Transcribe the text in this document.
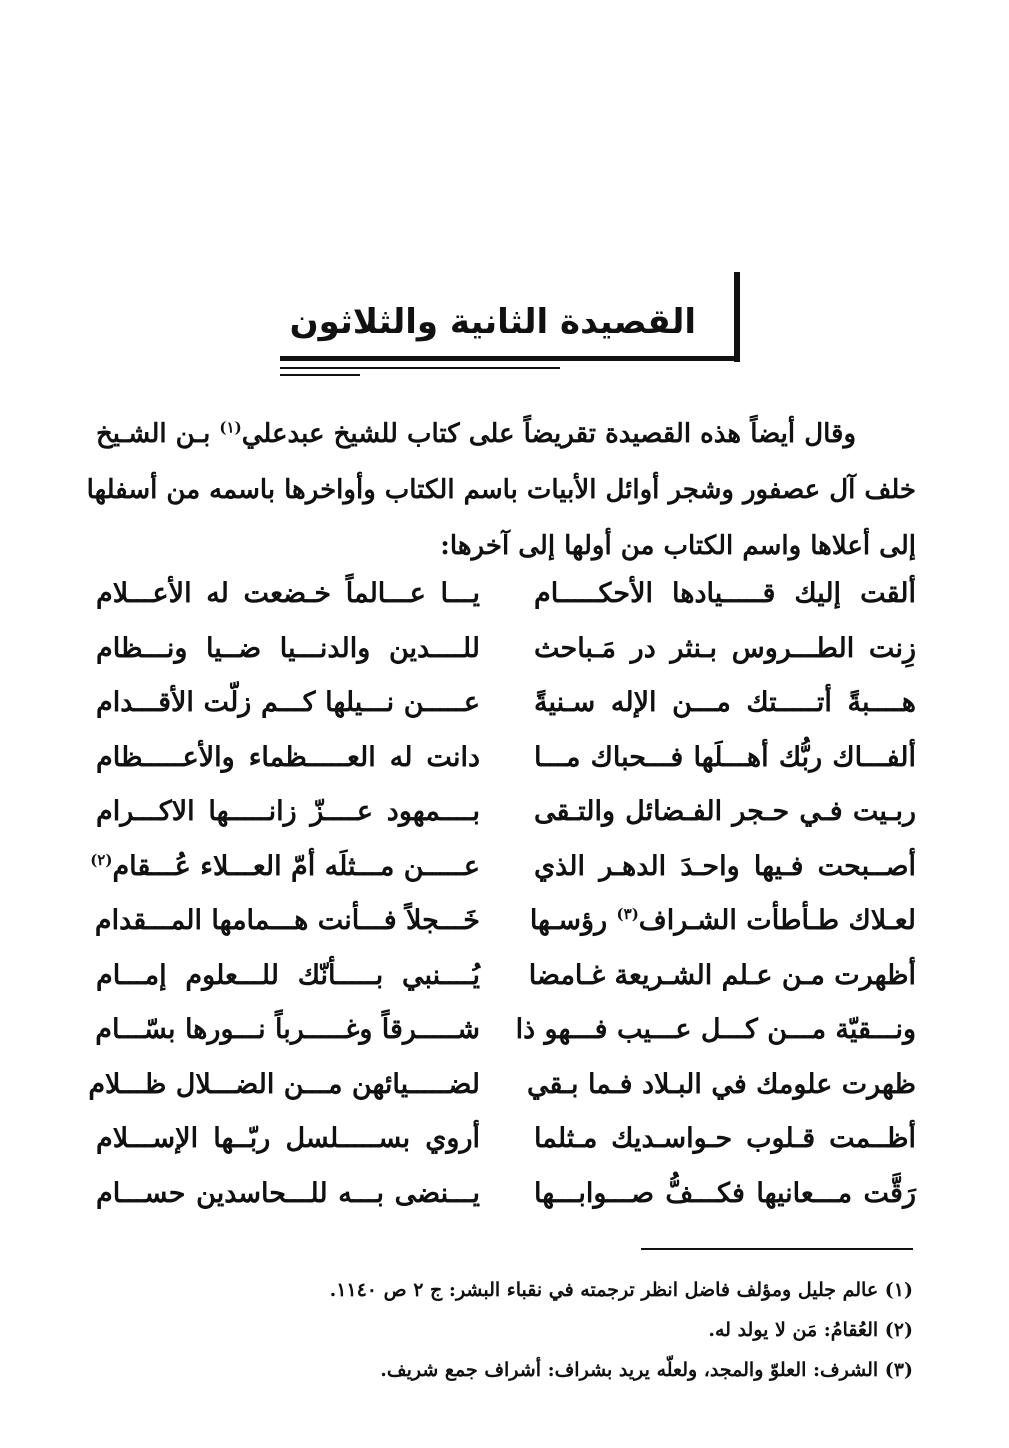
القصيدة الثانية والثلاثون
وقال أيضاً هذه القصيدة تقريضاً على كتاب للشيخ عبدعلي$^{(١)}$ بـن الشـيخ
خلف آل عصفور وشجر أوائل الأبيات باسم الكتاب وأواخرها باسمه من أسفلها
إلى أعلاها واسم الكتاب من أولها إلى آخرها:
ألقت إليك قـــــيادها الأحكـــــام
يـــا عـــالماً خـضعت له الأعـــلام
زِنت الطـــروس بـنثر در مَـباحث
للــــدين والدنـــيا ضــيا ونـــظام
هــــبةً أتـــــتك مـــن الإله سـنيةً
عـــــن نـــيلها كـــم زلّت الأقـــدام
ألفـــاك ربُّك أهـــلَها فـــحباك مـــا
دانت له العـــــظماء والأعـــــظام
ربـيت فـي حـجر الفـضائل والتـقى
بــــمهود عــــزّ زانـــــها الاكـــرام
أصــبحت فـيها واحـدَ الدهـر الذي
عـــــن مـــثلَه أمّ العـــلاء عُـــقام$^{(٢)}$
لعـلاك طـأطأت الشـراف$^{(٣)}$ رؤسـها
خَـــجلاً فـــأنت هـــمامها المـــقدام
أظهرت مـن عـلم الشـريعة غـامضا
يُــــنبي بـــــأنّك للـــعلوم إمـــام
ونـــقيّة مـــن كـــل عـــيب فـــهو ذا
شـــــرقاً وغـــــرباً نـــورها بسّـــام
ظهرت علومك في البـلاد فـما بـقي
لضـــــيائهن مـــن الضـــلال ظـــلام
أظــمت قـلوب حـواسـديك مـثلما
أروي بســـــلسل ربّــها الإســـلام
رَقَّت مـــعانيها فكـــفُّ صـــوابـــها
يـــنضى بـــه للـــحاسدين حســـام
(١) عالم جليل ومؤلف فاضل انظر ترجمته في نقباء البشر: ج ٢ ص ١١٤٠.
(٢) العُقامُ: مَن لا يولد له.
(٣) الشرف: العلوّ والمجد، ولعلّه يريد بشراف: أشراف جمع شريف.
